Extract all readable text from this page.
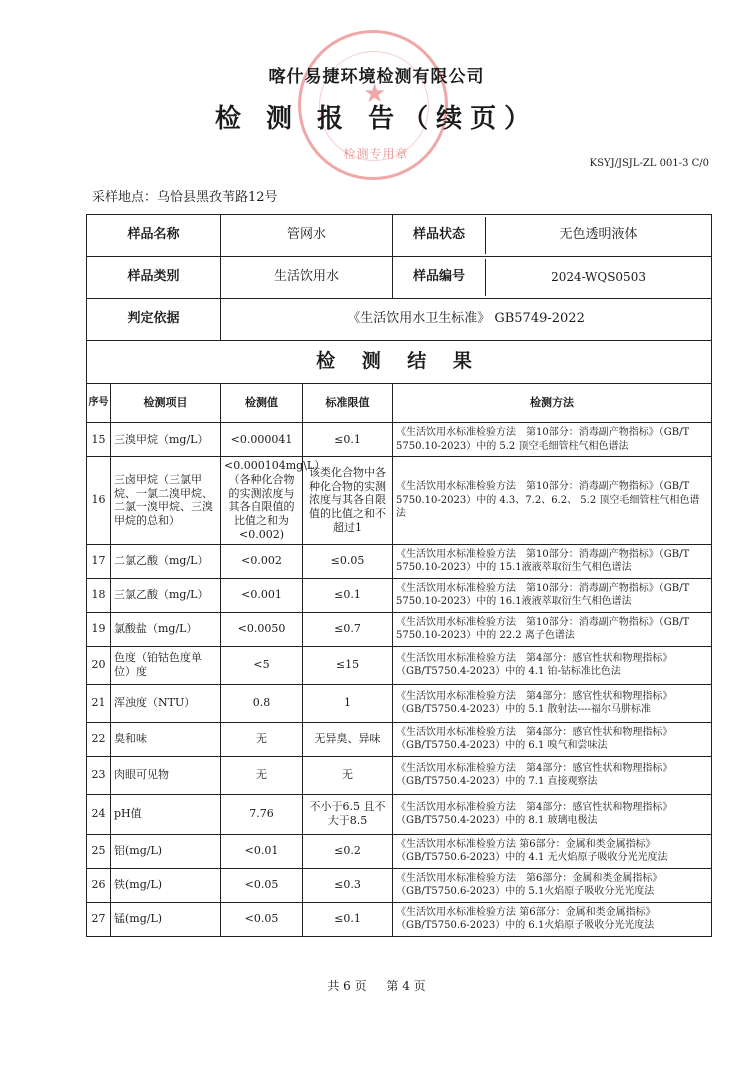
★
检测专用章
喀什易捷环境检测有限公司
检 测 报 告（续页）
KSYJ/JSJL-ZL 001-3 C/0
采样地点：乌恰县黑孜苇路12号
样品名称		管网水		样品状态 无色透明液体

样品类别		生活饮用水		样品编号 2024-WQS0503

判定依据		《生活饮用水卫生标准》 GB5749-2022		
检 测 结 果				
序号	检测项目	检测值	标准限值	检测方法
15	三溴甲烷（mg/L）	<0.000041	≤0.1	《生活饮用水标准检验方法　第10部分：消毒副产物指标》（GB/T 5750.10-2023）中的 5.2 顶空毛细管柱气相色谱法
16	三卤甲烷（三氯甲烷、一氯二溴甲烷、二氯一溴甲烷、三溴甲烷的总和）	<0.000104mg\L）（各种化合物的实测浓度与其各自限值的比值之和为<0.002)	该类化合物中各种化合物的实测浓度与其各自限值的比值之和不超过1	《生活饮用水标准检验方法　第10部分：消毒副产物指标》（GB/T 5750.10-2023）中的 4.3、7.2、6.2、 5.2 顶空毛细管柱气相色谱法
17	二氯乙酸（mg/L）	<0.002	≤0.05	《生活饮用水标准检验方法　第10部分：消毒副产物指标》（GB/T 5750.10-2023）中的 15.1液液萃取衍生气相色谱法
18	三氯乙酸（mg/L）	<0.001	≤0.1	《生活饮用水标准检验方法　第10部分：消毒副产物指标》（GB/T 5750.10-2023）中的 16.1液液萃取衍生气相色谱法
19	氯酸盐（mg/L）	<0.0050	≤0.7	《生活饮用水标准检验方法　第10部分：消毒副产物指标》（GB/T 5750.10-2023）中的 22.2 离子色谱法
20	色度（铂钴色度单位）度	<5	≤15	《生活饮用水标准检验方法　第4部分：感官性状和物理指标》（GB/T5750.4-2023）中的 4.1 铂-钴标准比色法
21	浑浊度（NTU）	0.8	1	《生活饮用水标准检验方法　第4部分：感官性状和物理指标》（GB/T5750.4-2023）中的 5.1 散射法----福尔马肼标准
22	臭和味	无	无异臭、异味	《生活饮用水标准检验方法　第4部分：感官性状和物理指标》（GB/T5750.4-2023）中的 6.1 嗅气和尝味法
23	肉眼可见物	无	无	《生活饮用水标准检验方法　第4部分：感官性状和物理指标》（GB/T5750.4-2023）中的 7.1 直接观察法
24	pH值	7.76	不小于6.5 且不大于8.5	《生活饮用水标准检验方法　第4部分：感官性状和物理指标》（GB/T5750.4-2023）中的 8.1 玻璃电极法
25	铝(mg/L)	<0.01	≤0.2	《生活饮用水标准检验方法 第6部分：金属和类金属指标》（GB/T5750.6-2023）中的 4.1 无火焰原子吸收分光光度法
26	铁(mg/L)	<0.05	≤0.3	《生活饮用水标准检验方法　第6部分：金属和类金属指标》（GB/T5750.6-2023）中的 5.1火焰原子吸收分光光度法
27	锰(mg/L)	<0.05	≤0.1	《生活饮用水标准检验方法 第6部分：金属和类金属指标》（GB/T5750.6-2023）中的 6.1火焰原子吸收分光光度法
共 6 页 第 4 页
